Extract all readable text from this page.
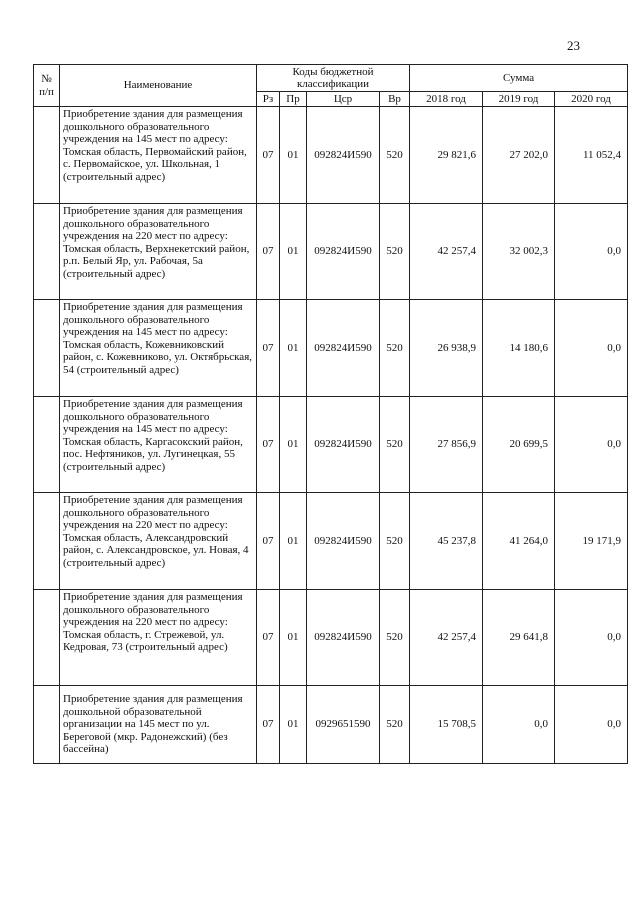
23
№ п/п	Наименование	Коды бюджетной классификации				Сумма		
		Рз	Пр	Цср	Вр	2018 год	2019 год	2020 год
	Приобретение здания для размещения дошкольного образовательного учреждения на 145 мест по адресу: Томская область, Первомайский район, с. Первомайское, ул. Школьная, 1 (строительный адрес)	07	01	092824И590	520	29 821,6	27 202,0	11 052,4
	Приобретение здания для размещения дошкольного образовательного учреждения на 220 мест по адресу: Томская область, Верхнекетский район, р.п. Белый Яр, ул. Рабочая, 5а (строительный адрес)	07	01	092824И590	520	42 257,4	32 002,3	0,0
	Приобретение здания для размещения дошкольного образовательного учреждения на 145 мест по адресу: Томская область, Кожевниковский район, с. Кожевниково, ул. Октябрьская, 54 (строительный адрес)	07	01	092824И590	520	26 938,9	14 180,6	0,0
	Приобретение здания для размещения дошкольного образовательного учреждения на 145 мест по адресу: Томская область, Каргасокский район, пос. Нефтяников, ул. Лугинецкая, 55 (строительный адрес)	07	01	092824И590	520	27 856,9	20 699,5	0,0
	Приобретение здания для размещения дошкольного образовательного учреждения на 220 мест по адресу: Томская область, Александровский район, с. Александровское, ул. Новая, 4 (строительный адрес)	07	01	092824И590	520	45 237,8	41 264,0	19 171,9
	Приобретение здания для размещения дошкольного образовательного учреждения на 220 мест по адресу: Томская область, г. Стрежевой, ул. Кедровая, 73 (строительный адрес)	07	01	092824И590	520	42 257,4	29 641,8	0,0
	Приобретение здания для размещения дошкольной образовательной организации на 145 мест по ул. Береговой (мкр. Радонежский) (без бассейна)	07	01	0929651590	520	15 708,5	0,0	0,0
